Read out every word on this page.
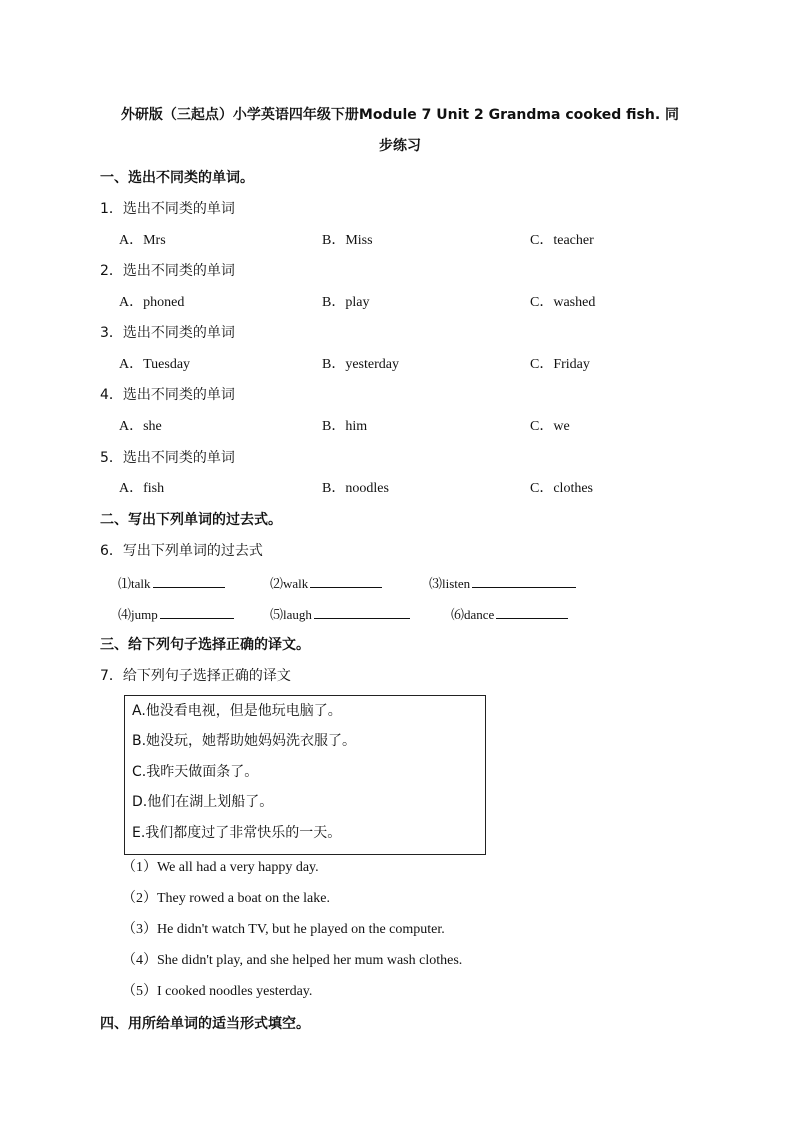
外研版（三起点）小学英语四年级下册Module 7 Unit 2 Grandma cooked fish. 同
步练习
一、选出不同类的单词。
1．选出不同类的单词
A．Mrs	B．Miss	C．teacher
2．选出不同类的单词
A．phoned	B．play	C．washed
3．选出不同类的单词
A．Tuesday	B．yesterday	C．Friday
4．选出不同类的单词
A．she	B．him	C．we
5．选出不同类的单词
A．fish	B．noodles	C．clothes
二、写出下列单词的过去式。
6．写出下列单词的过去式
⑴talk	⑵walk	⑶listen
⑷jump	⑸laugh	⑹dance
三、给下列句子选择正确的译文。
7．给下列句子选择正确的译文
A.他没看电视，但是他玩电脑了。
B.她没玩，她帮助她妈妈洗衣服了。
C.我昨天做面条了。
D.他们在湖上划船了。
E.我们都度过了非常快乐的一天。
（1）We all had a very happy day.
（2）They rowed a boat on the lake.
（3）He didn't watch TV, but he played on the computer.
（4）She didn't play, and she helped her mum wash clothes.
（5）I cooked noodles yesterday.
四、用所给单词的适当形式填空。
